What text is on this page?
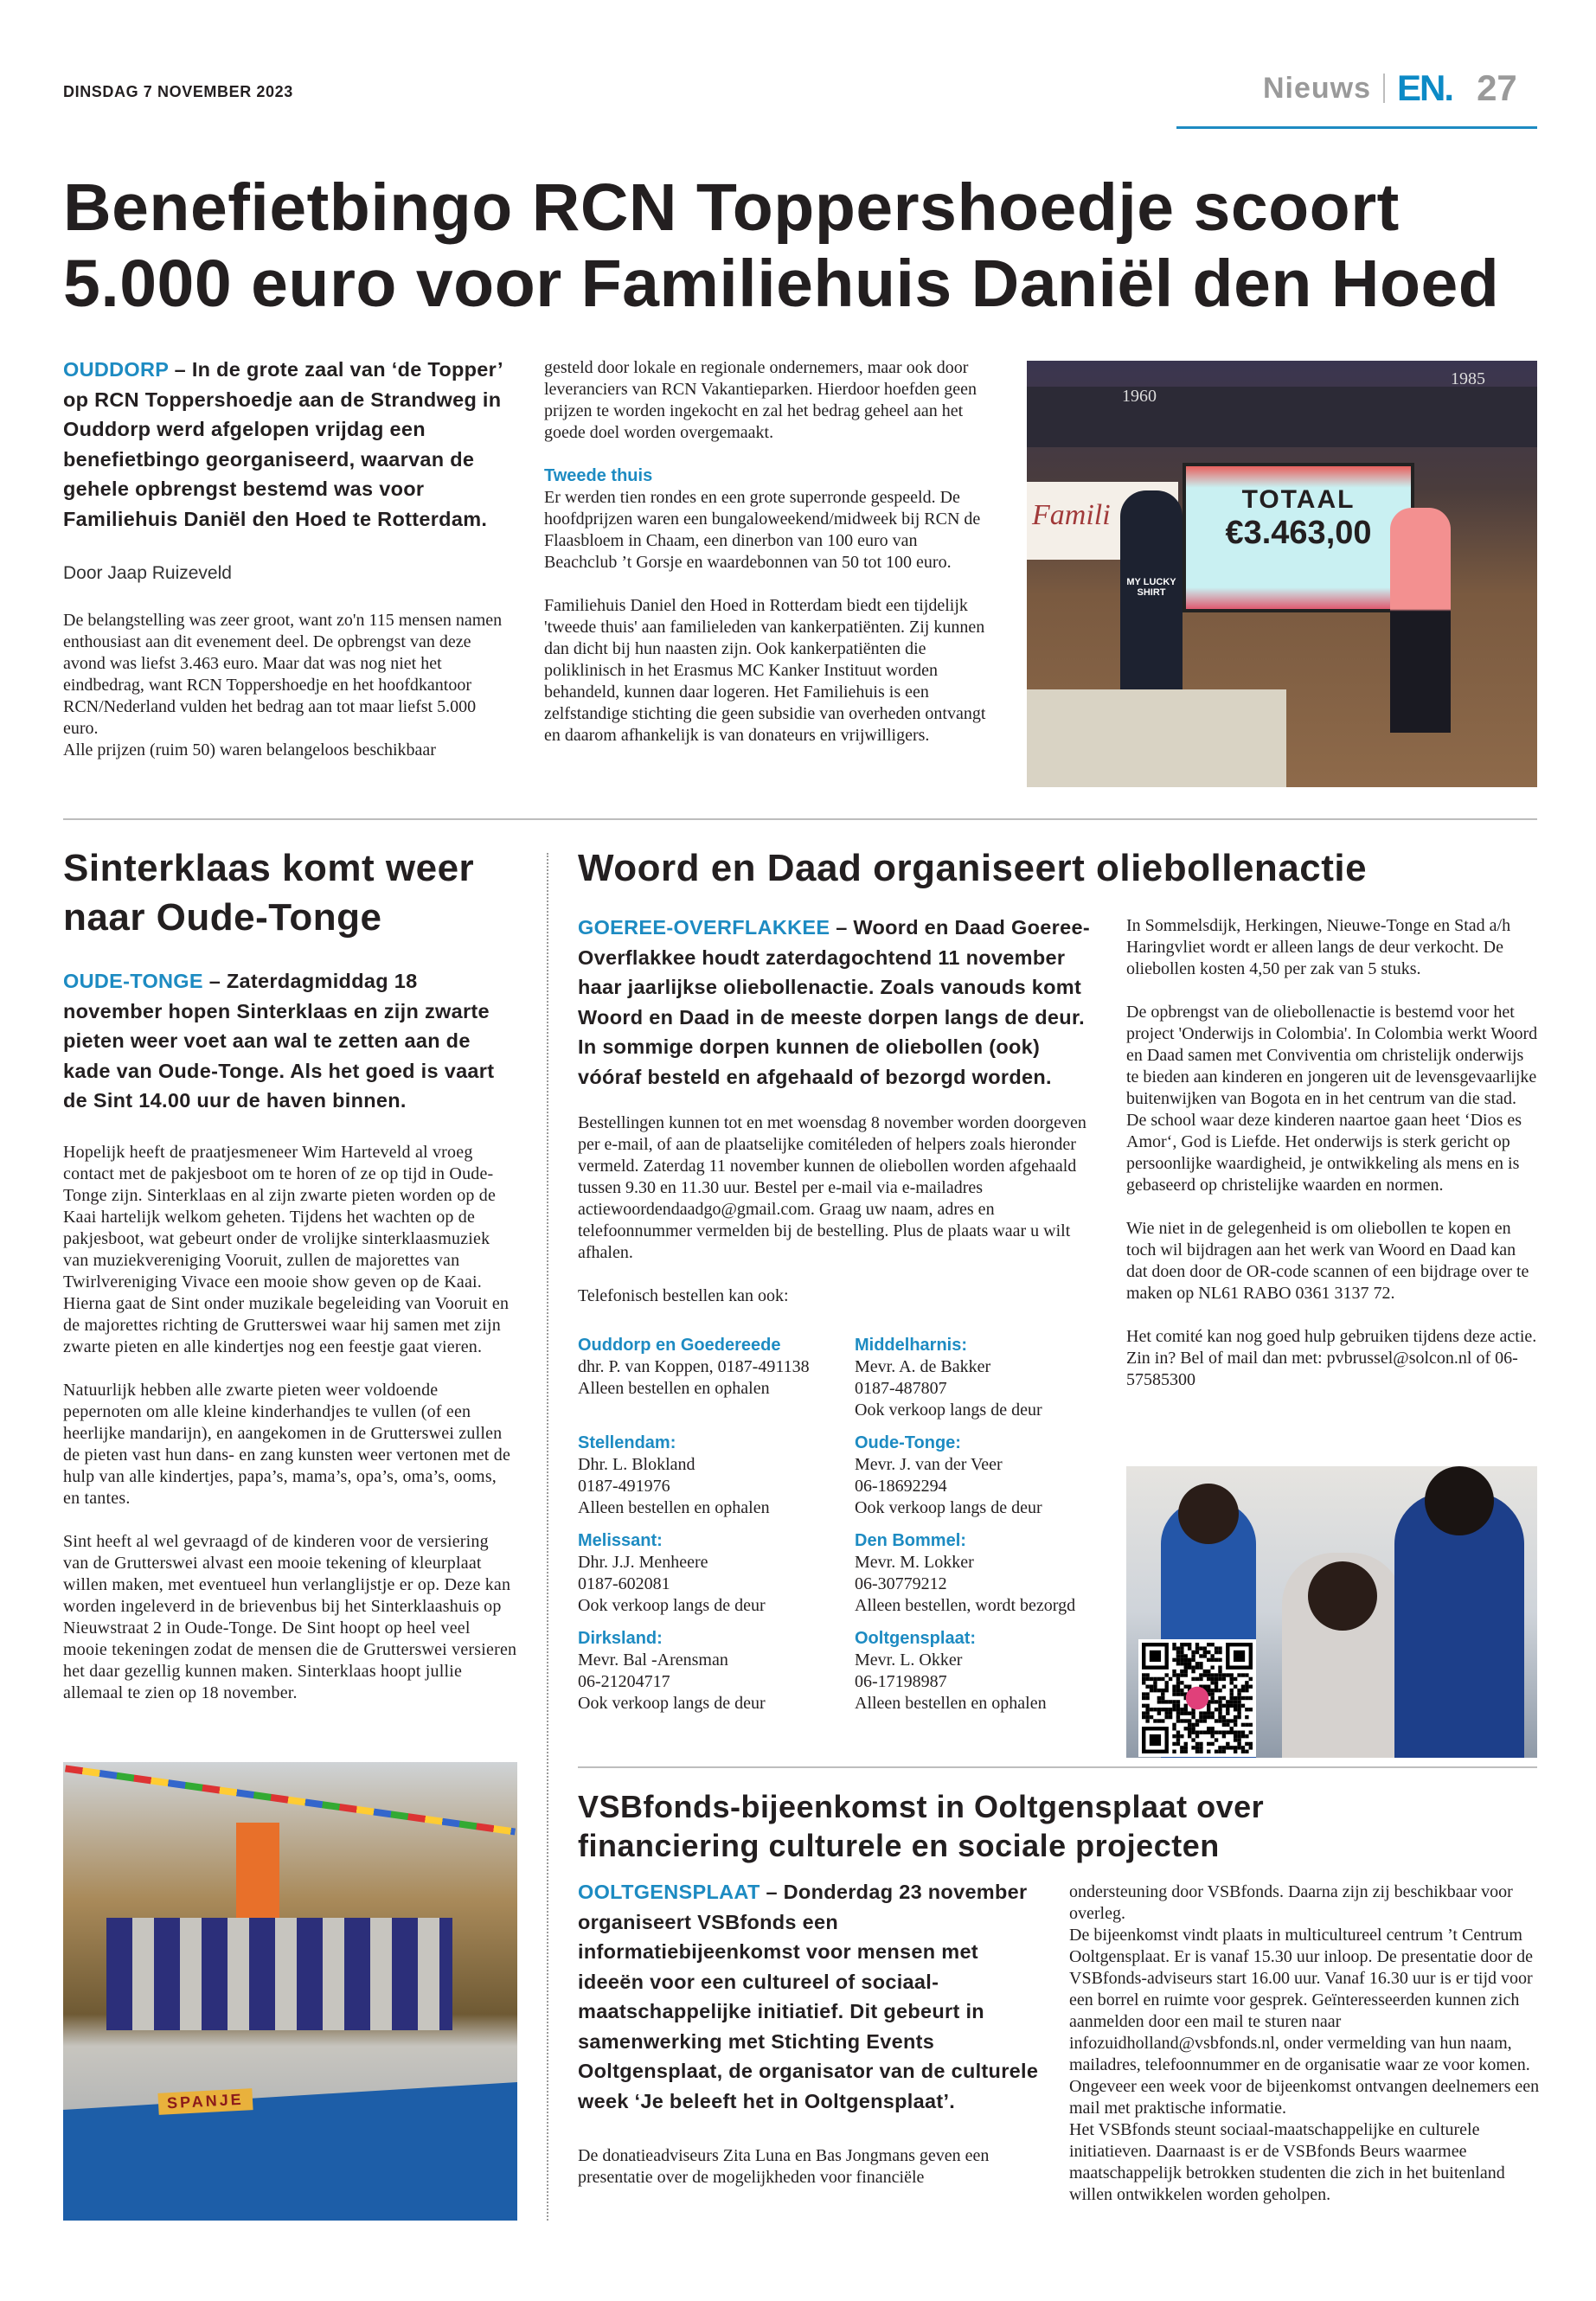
DINSDAG 7 NOVEMBER 2023	Nieuws EN. 27
Benefietbingo RCN Toppershoedje scoort
5.000 euro voor Familiehuis Daniël den Hoed
OUDDORP – In de grote zaal van ‘de Topper’ op RCN Toppershoedje aan de Strandweg in Ouddorp werd afgelopen vrijdag een benefietbingo georganiseerd, waarvan de gehele opbrengst bestemd was voor Familiehuis Daniël den Hoed te Rotterdam.
Door Jaap Ruizeveld
De belangstelling was zeer groot, want zo'n 115 mensen namen enthousiast aan dit evenement deel. De opbrengst van deze avond was liefst 3.463 euro. Maar dat was nog niet het eindbedrag, want RCN Toppershoedje en het hoofdkantoor RCN/Nederland vulden het bedrag aan tot maar liefst 5.000 euro.
Alle prijzen (ruim 50) waren belangeloos beschikbaar

gesteld door lokale en regionale ondernemers, maar ook door leveranciers van RCN Vakantieparken. Hierdoor hoefden geen prijzen te worden ingekocht en zal het bedrag geheel aan het goede doel worden overgemaakt.

Tweede thuis

Er werden tien rondes en een grote superronde gespeeld. De hoofdprijzen waren een bungaloweekend/midweek bij RCN de Flaasbloem in Chaam, een dinerbon van 100 euro van Beachclub ’t Gorsje en waardebonnen van 50 tot 100 euro.

Familiehuis Daniel den Hoed in Rotterdam biedt een tijdelijk 'tweede thuis' aan familieleden van kankerpatiënten. Zij kunnen dan dicht bij hun naasten zijn. Ook kankerpatiënten die poliklinisch in het Erasmus MC Kanker Instituut worden behandeld, kunnen daar logeren. Het Familiehuis is een zelfstandige stichting die geen subsidie van overheden ontvangt en daarom afhankelijk is van donateurs en vrijwilligers.

1960
1985
Famili	TOTAAL
€3.463,00
MY LUCKY SHIRT
Sinterklaas komt weer naar Oude-Tonge
OUDE-TONGE – Zaterdagmiddag 18 november hopen Sinterklaas en zijn zwarte pieten weer voet aan wal te zetten aan de kade van Oude-Tonge. Als het goed is vaart de Sint 14.00 uur de haven binnen.

Hopelijk heeft de praatjesmeneer Wim Harteveld al vroeg contact met de pakjesboot om te horen of ze op tijd in Oude-Tonge zijn. Sinterklaas en al zijn zwarte pieten worden op de Kaai hartelijk welkom geheten. Tijdens het wachten op de pakjesboot, wat gebeurt onder de vrolijke sinterklaasmuziek van muziekvereniging Vooruit, zullen de majorettes van Twirlvereniging Vivace een mooie show geven op de Kaai. Hierna gaat de Sint onder muzikale begeleiding van Vooruit en de majorettes richting de Grutterswei waar hij samen met zijn zwarte pieten en alle kindertjes nog een feestje gaat vieren.

Natuurlijk hebben alle zwarte pieten weer voldoende pepernoten om alle kleine kinderhandjes te vullen (of een heerlijke mandarijn), en aangekomen in de Grutterswei zullen de pieten vast hun dans- en zang kunsten weer vertonen met de hulp van alle kindertjes, papa’s, mama’s, opa’s, oma’s, ooms, en tantes.

Sint heeft al wel gevraagd of de kinderen voor de versiering van de Grutterswei alvast een mooie tekening of kleurplaat willen maken, met eventueel hun verlanglijstje er op. Deze kan worden ingeleverd in de brievenbus bij het Sinterklaashuis op Nieuwstraat 2 in Oude-Tonge. De Sint hoopt op heel veel mooie tekeningen zodat de mensen die de Grutterswei versieren het daar gezellig kunnen maken. Sinterklaas hoopt jullie allemaal te zien op 18 november.

SPANJE
Woord en Daad organiseert oliebollenactie
GOEREE-OVERFLAKKEE – Woord en Daad Goeree-Overflakkee houdt zaterdagochtend 11 november haar jaarlijkse oliebollenactie. Zoals vanouds komt Woord en Daad in de meeste dorpen langs de deur. In sommige dorpen kunnen de oliebollen (ook) vóóraf besteld en afgehaald of bezorgd worden.

Bestellingen kunnen tot en met woensdag 8 november worden doorgeven per e-mail, of aan de plaatselijke comitéleden of helpers zoals hieronder vermeld. Zaterdag 11 november kunnen de oliebollen worden afgehaald tussen 9.30 en 11.30 uur. Bestel per e-mail via e-mailadres actiewoordendaadgo@gmail.com. Graag uw naam, adres en telefoonnummer vermelden bij de bestelling. Plus de plaats waar u wilt afhalen.

Telefonisch bestellen kan ook:

Ouddorp en Goedereede
dhr. P. van Koppen, 0187-491138
Alleen bestellen en ophalen
Middelharnis:
Mevr. A. de Bakker
0187-487807
Ook verkoop langs de deur
Stellendam:
Dhr. L. Blokland
0187-491976
Alleen bestellen en ophalen
Oude-Tonge:
Mevr. J. van der Veer
06-18692294
Ook verkoop langs de deur
Melissant:
Dhr. J.J. Menheere
0187-602081
Ook verkoop langs de deur
Den Bommel:
Mevr. M. Lokker
06-30779212
Alleen bestellen, wordt bezorgd
Dirksland:
Mevr. Bal -Arensman
06-21204717
Ook verkoop langs de deur
Ooltgensplaat:
Mevr. L. Okker
06-17198987
Alleen bestellen en ophalen

In Sommelsdijk, Herkingen, Nieuwe-Tonge en Stad a/h Haringvliet wordt er alleen langs de deur verkocht. De oliebollen kosten 4,50 per zak van 5 stuks.

De opbrengst van de oliebollenactie is bestemd voor het project 'Onderwijs in Colombia'. In Colombia werkt Woord en Daad samen met Conviventia om christelijk onderwijs te bieden aan kinderen en jongeren uit de levensgevaarlijke buitenwijken van Bogota en in het centrum van die stad. De school waar deze kinderen naartoe gaan heet ‘Dios es Amor‘, God is Liefde. Het onderwijs is sterk gericht op persoonlijke waardigheid, je ontwikkeling als mens en is gebaseerd op christelijke waarden en normen.

Wie niet in de gelegenheid is om oliebollen te kopen en toch wil bijdragen aan het werk van Woord en Daad kan dat doen door de OR-code scannen of een bijdrage over te maken op NL61 RABO 0361 3137 72.

Het comité kan nog goed hulp gebruiken tijdens deze actie. Zin in? Bel of mail dan met: pvbrussel@solcon.nl of 06-57585300

VSBfonds-bijeenkomst in Ooltgensplaat over
financiering culturele en sociale projecten
OOLTGENSPLAAT – Donderdag 23 november organiseert VSBfonds een informatiebijeenkomst voor mensen met ideeën voor een cultureel of sociaal-maatschappelijke initiatief. Dit gebeurt in samenwerking met Stichting Events Ooltgensplaat, de organisator van de culturele week ‘Je beleeft het in Ooltgensplaat’.
De donatieadviseurs Zita Luna en Bas Jongmans geven een presentatie over de mogelijkheden voor financiële
ondersteuning door VSBfonds. Daarna zijn zij beschikbaar voor overleg.
De bijeenkomst vindt plaats in multicultureel centrum ’t Centrum Ooltgensplaat. Er is vanaf 15.30 uur inloop. De presentatie door de VSBfonds-adviseurs start 16.00 uur. Vanaf 16.30 uur is er tijd voor een borrel en ruimte voor gesprek. Geïnteresseerden kunnen zich aanmelden door een mail te sturen naar infozuidholland@vsbfonds.nl, onder vermelding van hun naam, mailadres, telefoonnummer en de organisatie waar ze voor komen. Ongeveer een week voor de bijeenkomst ontvangen deelnemers een mail met praktische informatie.
Het VSBfonds steunt sociaal-maatschappelijke en culturele initiatieven. Daarnaast is er de VSBfonds Beurs waarmee maatschappelijk betrokken studenten die zich in het buitenland willen ontwikkelen worden geholpen.
